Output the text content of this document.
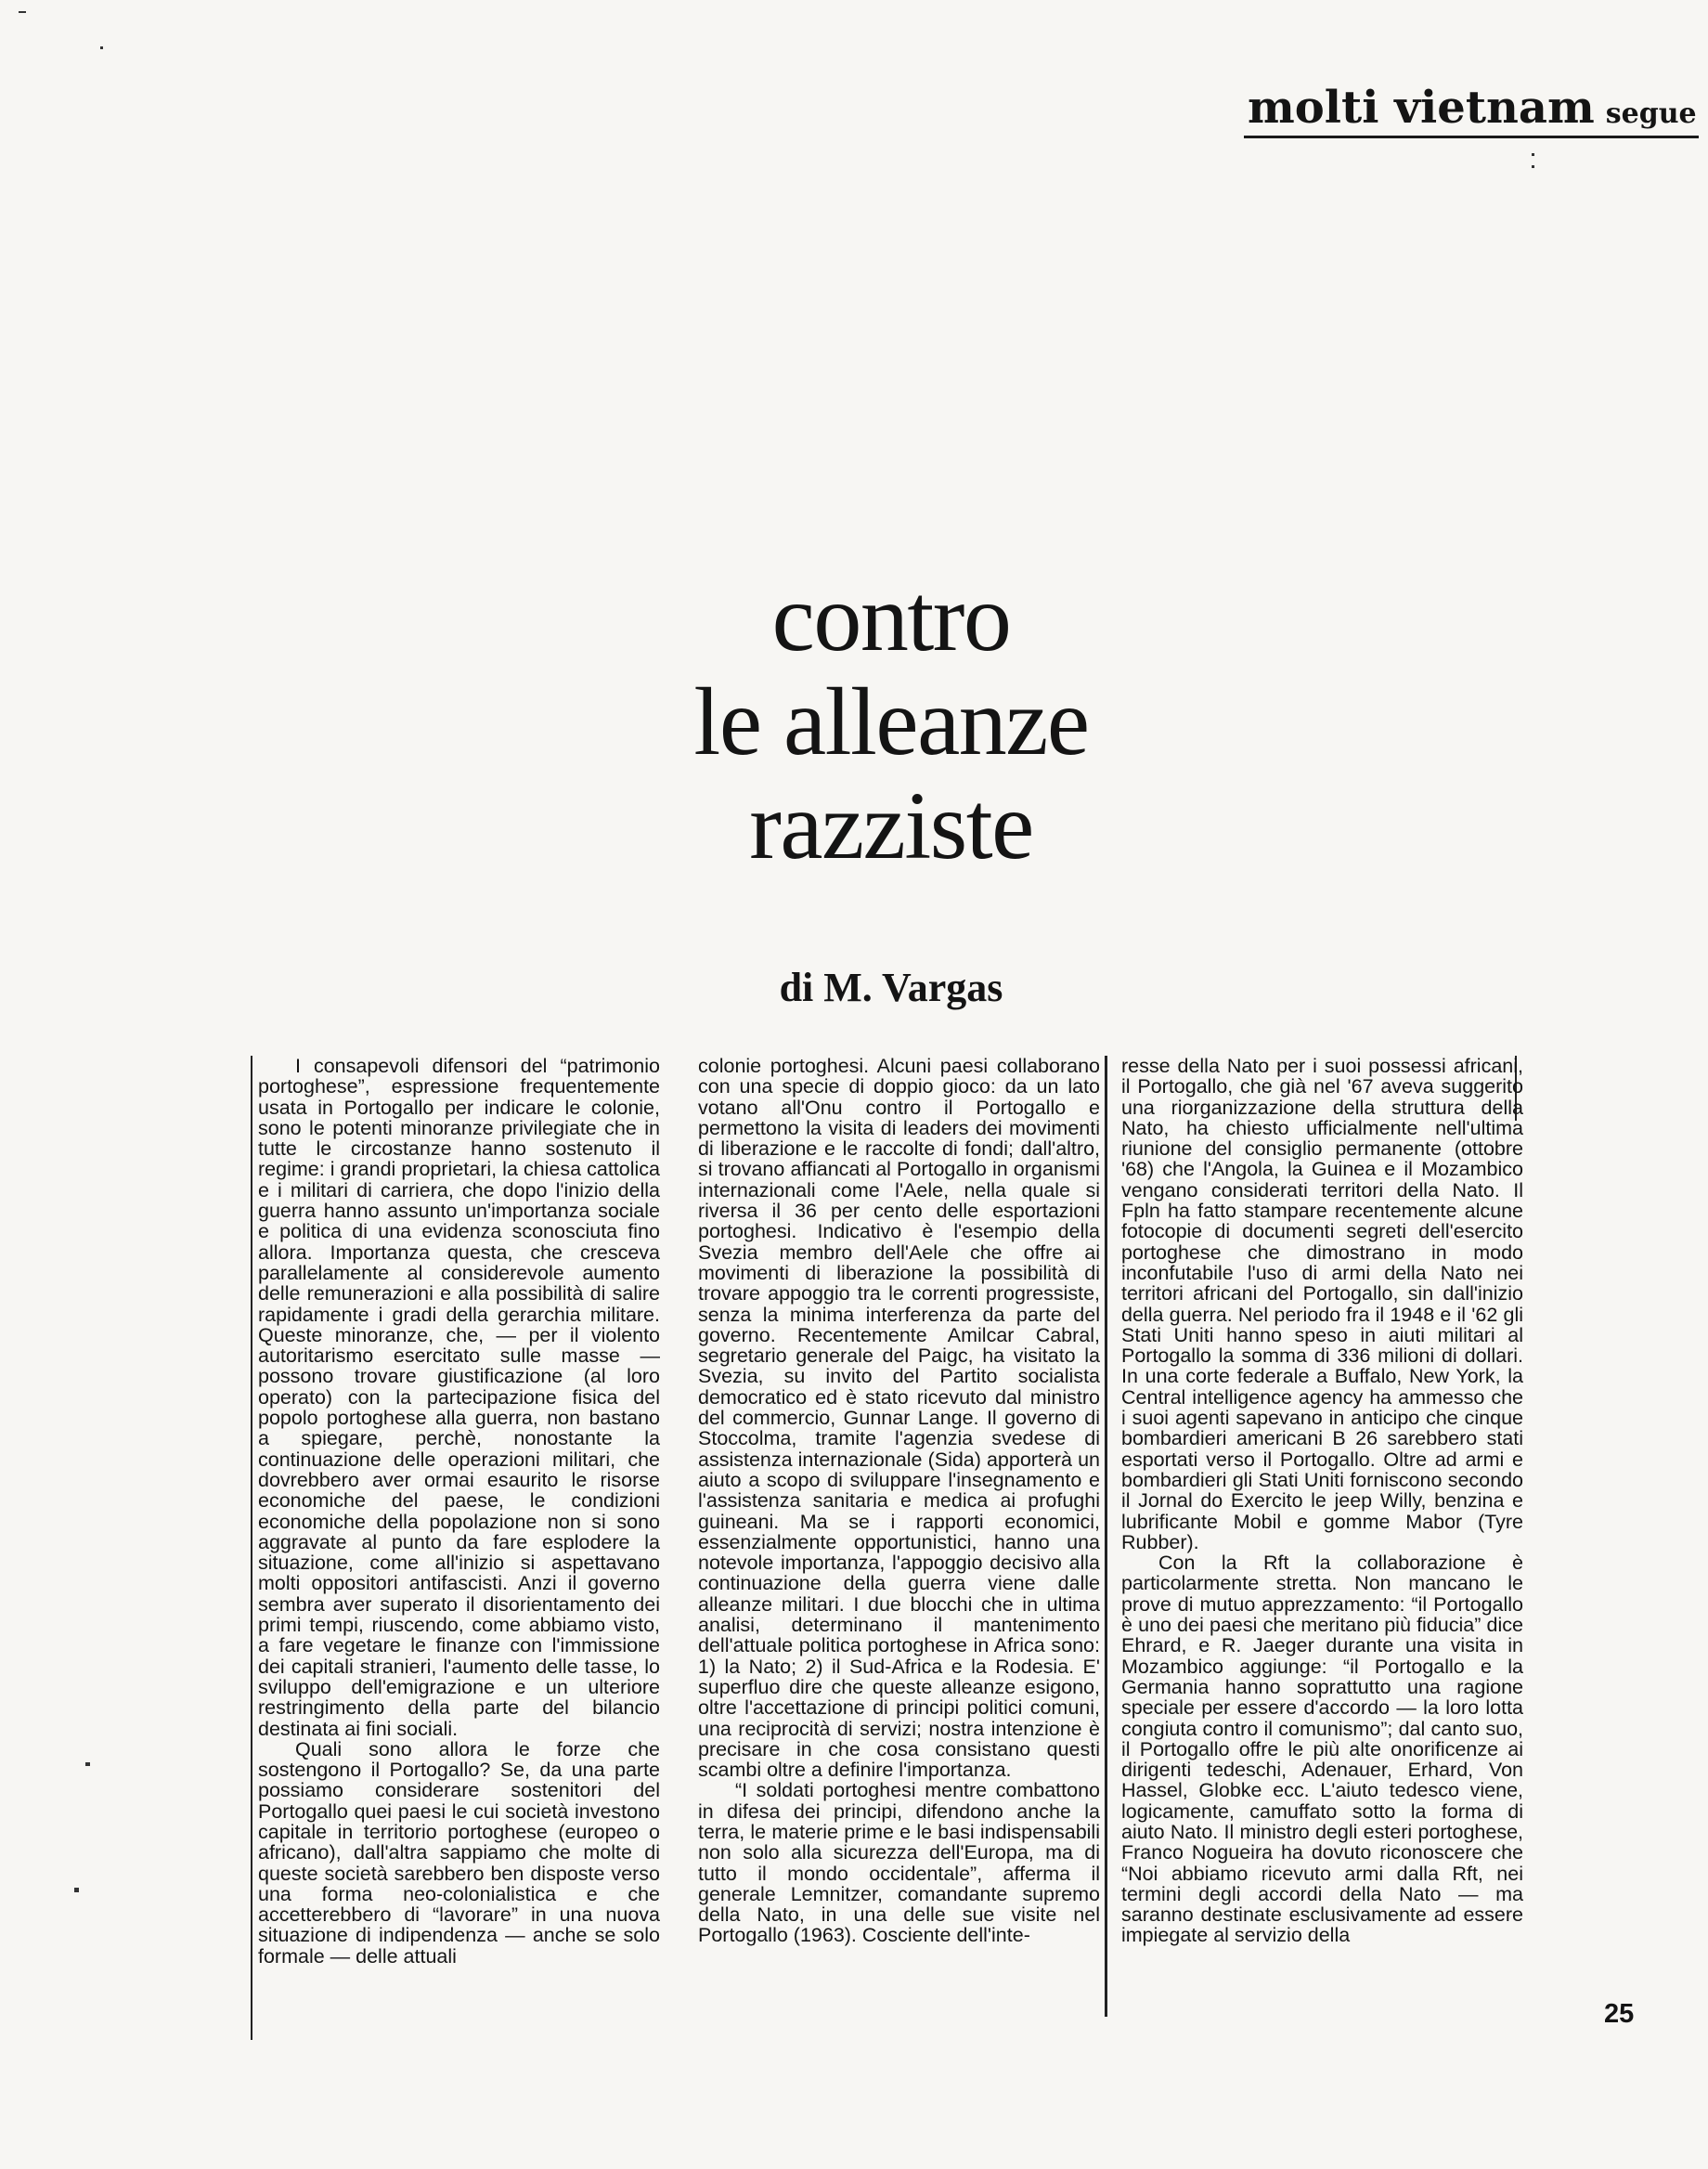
molti vietnam segue
contro
le alleanze
razziste
di M. Vargas

I consapevoli difensori del “patrimonio portoghese”, espressione frequentemente usata in Portogallo per indicare le colonie, sono le potenti minoranze privilegiate che in tutte le circostanze hanno sostenuto il regime: i grandi proprietari, la chiesa cattolica e i militari di carriera, che dopo l'inizio della guerra hanno assunto un'importanza sociale e politica di una evidenza sconosciuta fino allora. Importanza questa, che cresceva parallelamente al considerevole aumento delle remunerazioni e alla possibilità di salire rapidamente i gradi della gerarchia militare. Queste minoranze, che, — per il violento autoritarismo esercitato sulle masse — possono trovare giustificazione (al loro operato) con la partecipazione fisica del popolo portoghese alla guerra, non bastano a spiegare, perchè, nonostante la continuazione delle operazioni militari, che dovrebbero aver ormai esaurito le risorse economiche del paese, le condizioni economiche della popolazione non si sono aggravate al punto da fare esplodere la situazione, come all'inizio si aspettavano molti oppositori antifascisti. Anzi il governo sembra aver superato il disorientamento dei primi tempi, riuscendo, come abbiamo visto, a fare vegetare le finanze con l'immissione dei capitali stranieri, l'aumento delle tasse, lo sviluppo dell'emigrazione e un ulteriore restringimento della parte del bilancio destinata ai fini sociali.

Quali sono allora le forze che sostengono il Portogallo? Se, da una parte possiamo considerare sostenitori del Portogallo quei paesi le cui società investono capitale in territorio portoghese (europeo o africano), dall'altra sappiamo che molte di queste società sarebbero ben disposte verso una forma neo-colonialistica e che accetterebbero di “lavorare” in una nuova situazione di indipendenza — anche se solo formale — delle attuali

colonie portoghesi. Alcuni paesi collaborano con una specie di doppio gioco: da un lato votano all'Onu contro il Portogallo e permettono la visita di leaders dei movimenti di liberazione e le raccolte di fondi; dall'altro, si trovano affiancati al Portogallo in organismi internazionali come l'Aele, nella quale si riversa il 36 per cento delle esportazioni portoghesi. Indicativo è l'esempio della Svezia membro dell'Aele che offre ai movimenti di liberazione la possibilità di trovare appoggio tra le correnti progressiste, senza la minima interferenza da parte del governo. Recentemente Amilcar Cabral, segretario generale del Paigc, ha visitato la Svezia, su invito del Partito socialista democratico ed è stato ricevuto dal ministro del commercio, Gunnar Lange. Il governo di Stoccolma, tramite l'agenzia svedese di assistenza internazionale (Sida) apporterà un aiuto a scopo di sviluppare l'insegnamento e l'assistenza sanitaria e medica ai profughi guineani. Ma se i rapporti economici, essenzialmente opportunistici, hanno una notevole importanza, l'appoggio decisivo alla continuazione della guerra viene dalle alleanze militari. I due blocchi che in ultima analisi, determinano il mantenimento dell'attuale politica portoghese in Africa sono: 1) la Nato; 2) il Sud-Africa e la Rodesia. E' superfluo dire che queste alleanze esigono, oltre l'accettazione di principi politici comuni, una reciprocità di servizi; nostra intenzione è precisare in che cosa consistano questi scambi oltre a definire l'importanza.

“I soldati portoghesi mentre combattono in difesa dei principi, difendono anche la terra, le materie prime e le basi indispensabili non solo alla sicurezza dell'Europa, ma di tutto il mondo occidentale”, afferma il generale Lemnitzer, comandante supremo della Nato, in una delle sue visite nel Portogallo (1963). Cosciente dell'inte-

resse della Nato per i suoi possessi africani, il Portogallo, che già nel '67 aveva suggerito una riorganizzazione della struttura della Nato, ha chiesto ufficialmente nell'ultima riunione del consiglio permanente (ottobre '68) che l'Angola, la Guinea e il Mozambico vengano considerati territori della Nato. Il Fpln ha fatto stampare recentemente alcune fotocopie di documenti segreti dell'esercito portoghese che dimostrano in modo inconfutabile l'uso di armi della Nato nei territori africani del Portogallo, sin dall'inizio della guerra. Nel periodo fra il 1948 e il '62 gli Stati Uniti hanno speso in aiuti militari al Portogallo la somma di 336 milioni di dollari. In una corte federale a Buffalo, New York, la Central intelligence agency ha ammesso che i suoi agenti sapevano in anticipo che cinque bombardieri americani B 26 sarebbero stati esportati verso il Portogallo. Oltre ad armi e bombardieri gli Stati Uniti forniscono secondo il Jornal do Exercito le jeep Willy, benzina e lubrificante Mobil e gomme Mabor (Tyre Rubber).

Con la Rft la collaborazione è particolarmente stretta. Non mancano le prove di mutuo apprezzamento: “il Portogallo è uno dei paesi che meritano più fiducia” dice Ehrard, e R. Jaeger durante una visita in Mozambico aggiunge: “il Portogallo e la Germania hanno soprattutto una ragione speciale per essere d'accordo — la loro lotta congiuta contro il comunismo”; dal canto suo, il Portogallo offre le più alte onorificenze ai dirigenti tedeschi, Adenauer, Erhard, Von Hassel, Globke ecc. L'aiuto tedesco viene, logicamente, camuffato sotto la forma di aiuto Nato. Il ministro degli esteri portoghese, Franco Nogueira ha dovuto riconoscere che “Noi abbiamo ricevuto armi dalla Rft, nei termini degli accordi della Nato — ma saranno destinate esclusivamente ad essere impiegate al servizio della

25
